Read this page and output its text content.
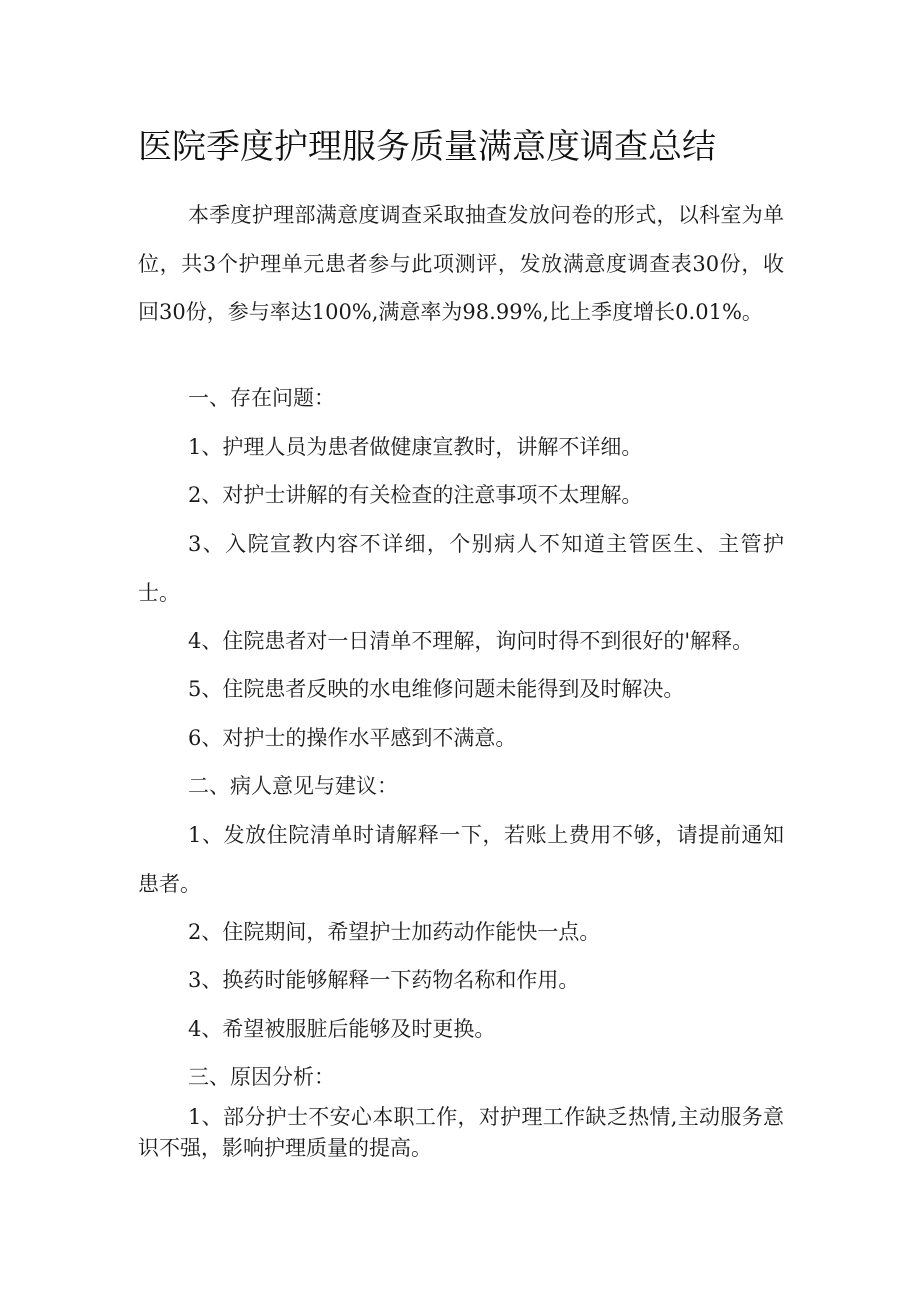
医院季度护理服务质量满意度调查总结

本季度护理部满意度调查采取抽查发放问卷的形式，以科室为单位，共3个护理单元患者参与此项测评，发放满意度调查表30份，收回30份，参与率达100%,满意率为98.99%,比上季度增长0.01%。

一、存在问题：

1、护理人员为患者做健康宣教时，讲解不详细。

2、对护士讲解的有关检查的注意事项不太理解。

3、入院宣教内容不详细，个别病人不知道主管医生、主管护士。

4、住院患者对一日清单不理解，询问时得不到很好的'解释。

5、住院患者反映的水电维修问题未能得到及时解决。

6、对护士的操作水平感到不满意。

二、病人意见与建议：

1、发放住院清单时请解释一下，若账上费用不够，请提前通知患者。

2、住院期间，希望护士加药动作能快一点。

3、换药时能够解释一下药物名称和作用。

4、希望被服脏后能够及时更换。

三、原因分析：

1、部分护士不安心本职工作，对护理工作缺乏热情,主动服务意识不强，影响护理质量的提高。
